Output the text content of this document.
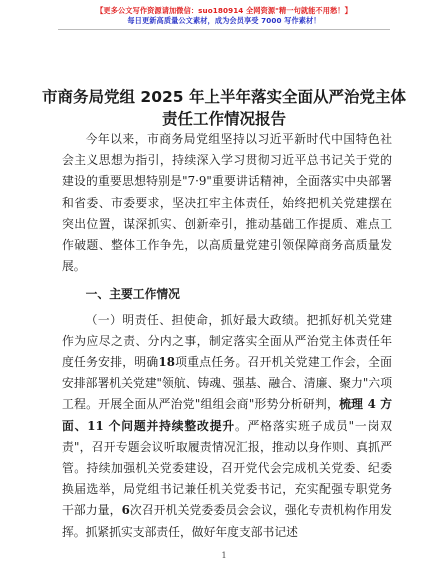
【更多公文写作资源请加微信：suo180914 全网资源"精一句就能不用愁！】
每日更新高质量公文素材，成为会员享受 7000 写作素材！
市商务局党组 2025 年上半年落实全面从严治党主体责任工作情况报告

今年以来，市商务局党组坚持以习近平新时代中国特色社会主义思想为指引，持续深入学习贯彻习近平总书记关于党的建设的重要思想特别是"7·9"重要讲话精神，全面落实中央部署和省委、市委要求，坚决扛牢主体责任，始终把机关党建摆在突出位置，谋深抓实、创新牵引，推动基础工作提质、难点工作破题、整体工作争先，以高质量党建引领保障商务高质量发展。

一、主要工作情况

（一）明责任、担使命，抓好最大政绩。把抓好机关党建作为应尽之责、分内之事，制定落实全面从严治党主体责任年度任务安排，明确18项重点任务。召开机关党建工作会，全面安排部署机关党建"领航、铸魂、强基、融合、清廉、聚力"六项工程。开展全面从严治党"组组会商"形势分析研判，梳理 4 方面、11 个问题并持续整改提升。严格落实班子成员"一岗双责"，召开专题会议听取履责情况汇报，推动以身作则、真抓严管。持续加强机关党委建设，召开党代会完成机关党委、纪委换届选举，局党组书记兼任机关党委书记，充实配强专职党务干部力量，6次召开机关党委委员会会议，强化专责机构作用发挥。抓紧抓实支部责任，做好年度支部书记述

1
